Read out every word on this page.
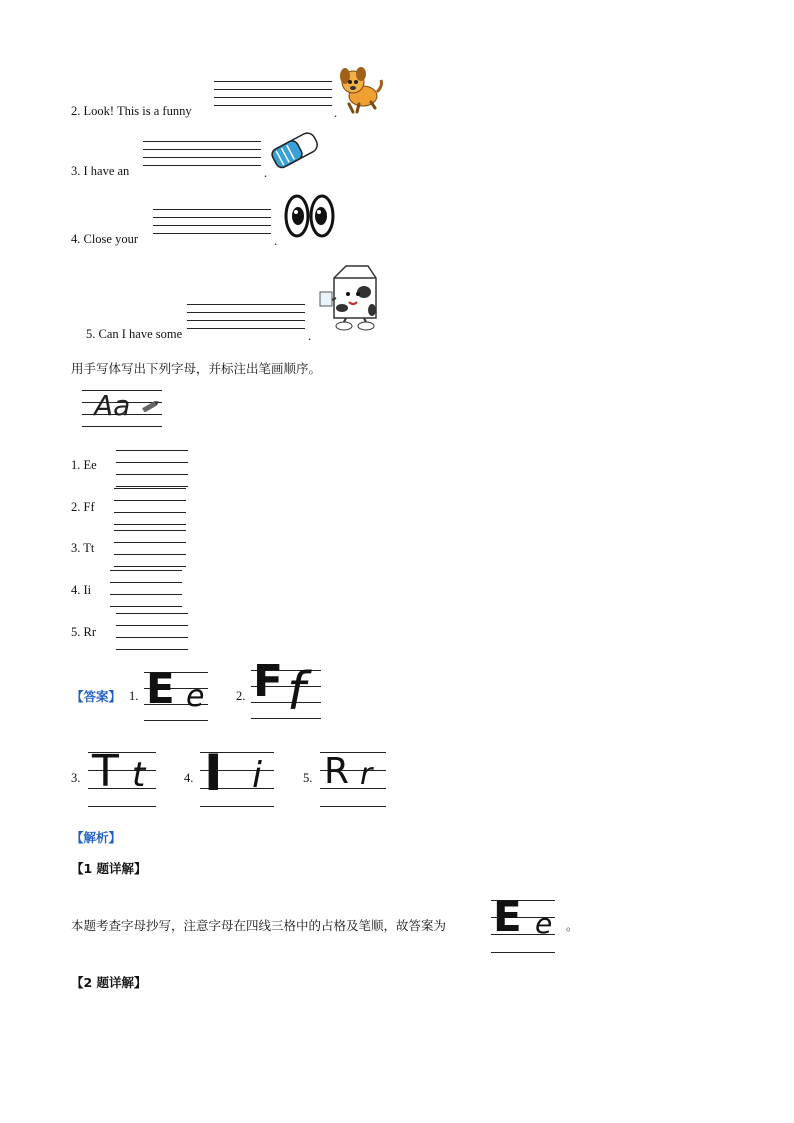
2. Look! This is a funny	.
3. I have an	.
4. Close your	.
5. Can I have some	.
用手写体写出下列字母，并标注出笔画顺序。
Aa
1. Ee
2. Ff
3. Tt
4. Ii
5. Rr
【答案】 1. E e	2. F f
3. T t	4. I i	5. R r
【解析】
【1 题详解】
本题考查字母抄写，注意字母在四线三格中的占格及笔顺，故答案为 E e 。
【2 题详解】
